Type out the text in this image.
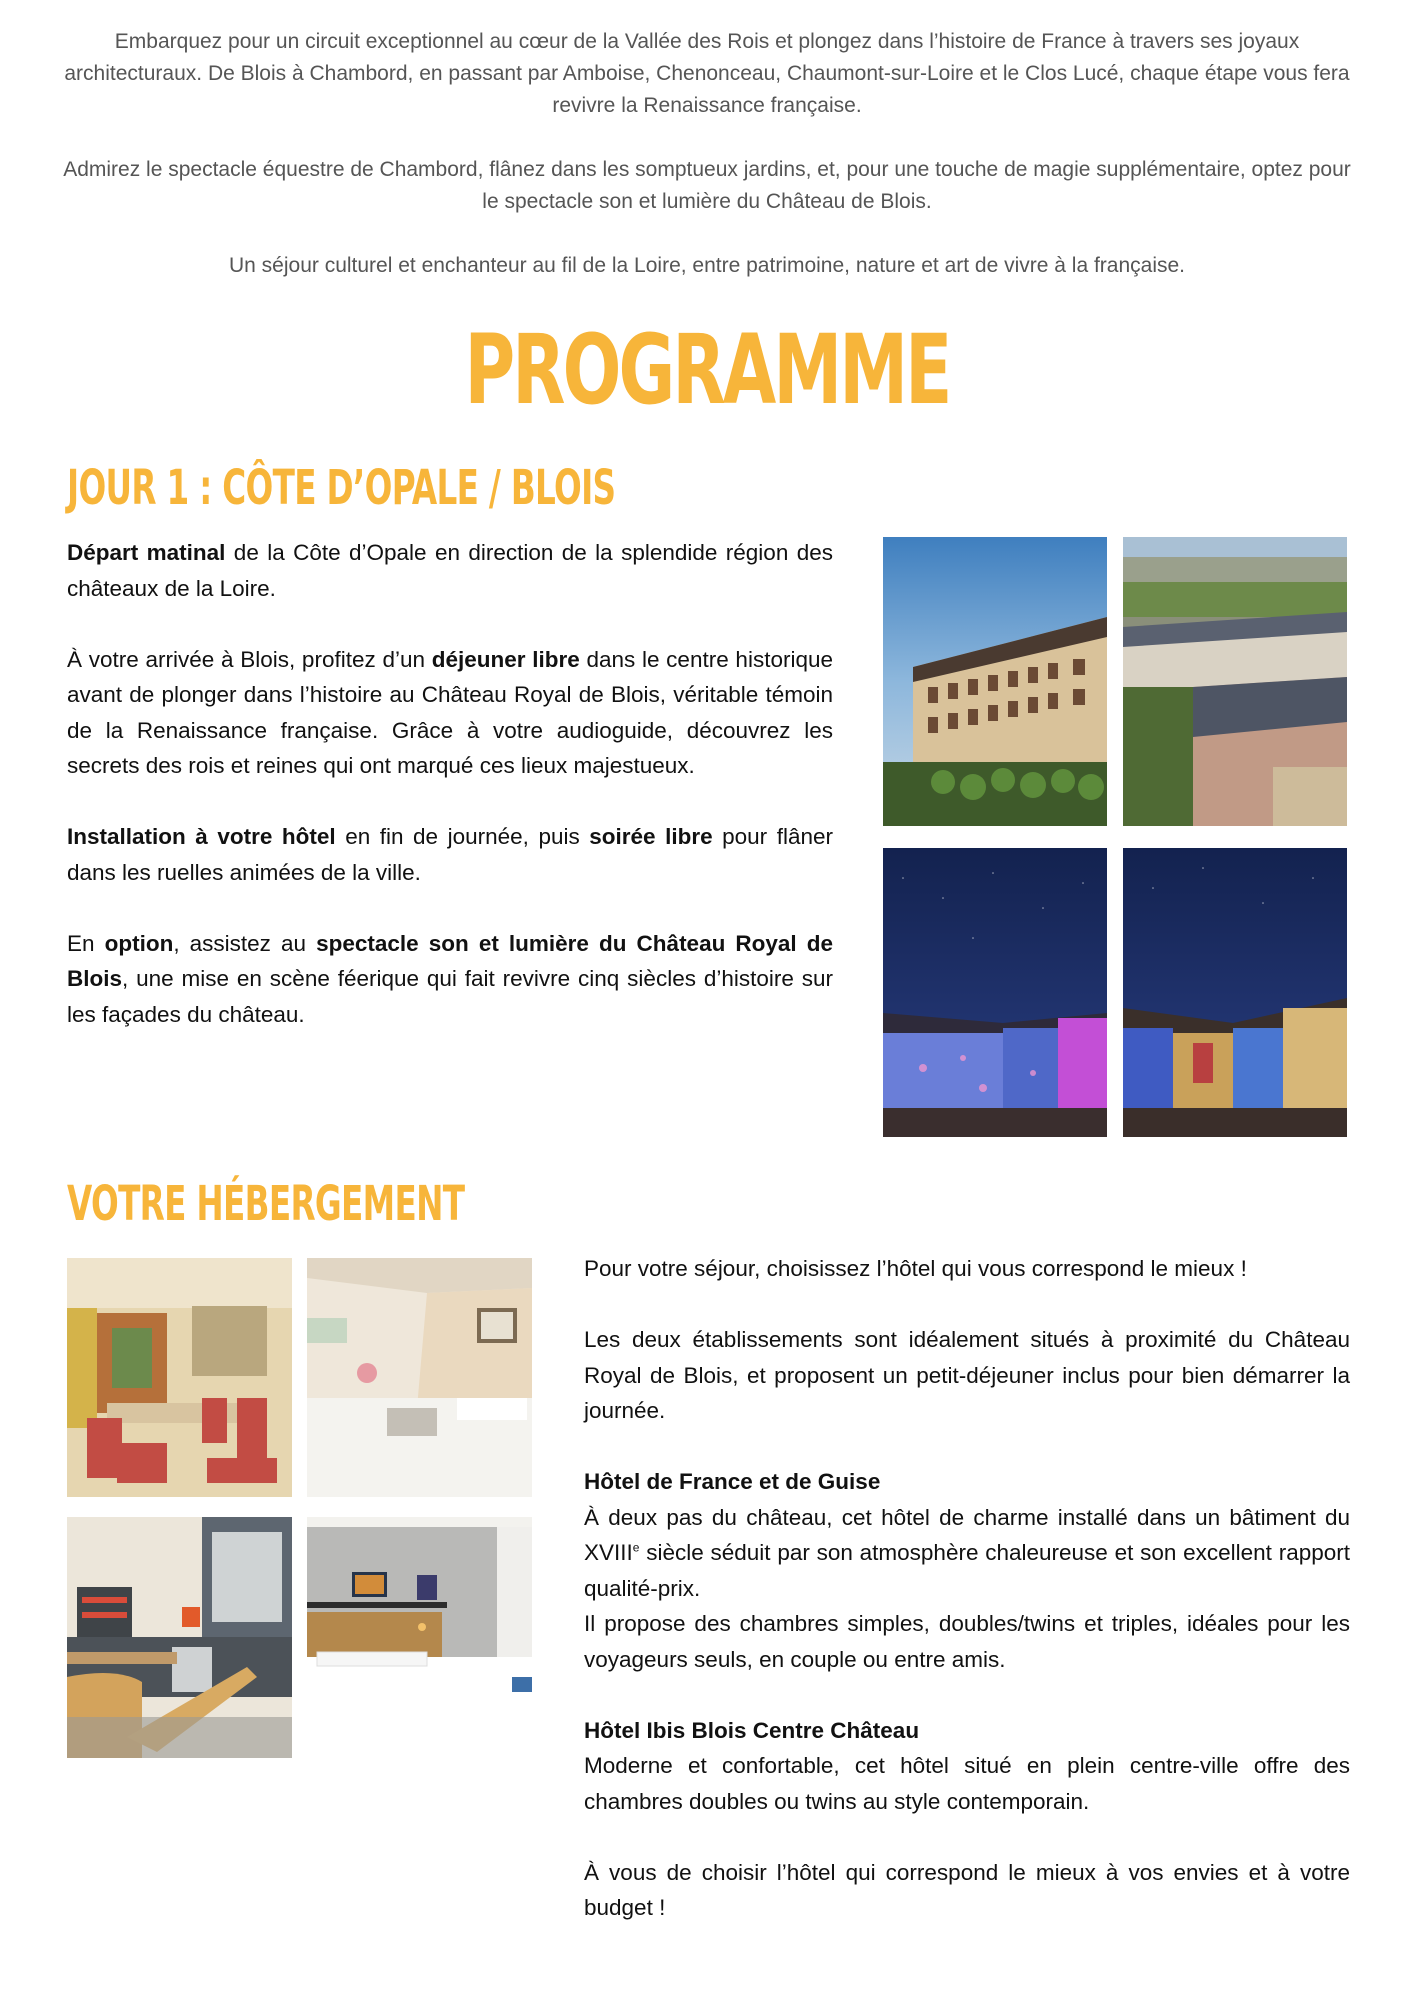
Embarquez pour un circuit exceptionnel au cœur de la Vallée des Rois et plongez dans l’histoire de France à travers ses joyaux architecturaux. De Blois à Chambord, en passant par Amboise, Chenonceau, Chaumont-sur-Loire et le Clos Lucé, chaque étape vous fera revivre la Renaissance française.

Admirez le spectacle équestre de Chambord, flânez dans les somptueux jardins, et, pour une touche de magie supplémentaire, optez pour le spectacle son et lumière du Château de Blois.

Un séjour culturel et enchanteur au fil de la Loire, entre patrimoine, nature et art de vivre à la française.

PROGRAMME
JOUR 1 : CÔTE D’OPALE / BLOIS

Départ matinal de la Côte d’Opale en direction de la splendide région des châteaux de la Loire.

À votre arrivée à Blois, profitez d’un déjeuner libre dans le centre historique avant de plonger dans l’histoire au Château Royal de Blois, véritable témoin de la Renaissance française. Grâce à votre audioguide, découvrez les secrets des rois et reines qui ont marqué ces lieux majestueux.

Installation à votre hôtel en fin de journée, puis soirée libre pour flâner dans les ruelles animées de la ville.

En option, assistez au spectacle son et lumière du Château Royal de Blois, une mise en scène féerique qui fait revivre cinq siècles d’histoire sur les façades du château.

VOTRE HÉBERGEMENT

Pour votre séjour, choisissez l’hôtel qui vous correspond le mieux !

Les deux établissements sont idéalement situés à proximité du Château Royal de Blois, et proposent un petit-déjeuner inclus pour bien démarrer la journée.

Hôtel de France et de Guise
À deux pas du château, cet hôtel de charme installé dans un bâtiment du XVIIIe siècle séduit par son atmosphère chaleureuse et son excellent rapport qualité-prix.
Il propose des chambres simples, doubles/twins et triples, idéales pour les voyageurs seuls, en couple ou entre amis.
Hôtel Ibis Blois Centre Château
Moderne et confortable, cet hôtel situé en plein centre-ville offre des chambres doubles ou twins au style contemporain.

À vous de choisir l’hôtel qui correspond le mieux à vos envies et à votre budget !
